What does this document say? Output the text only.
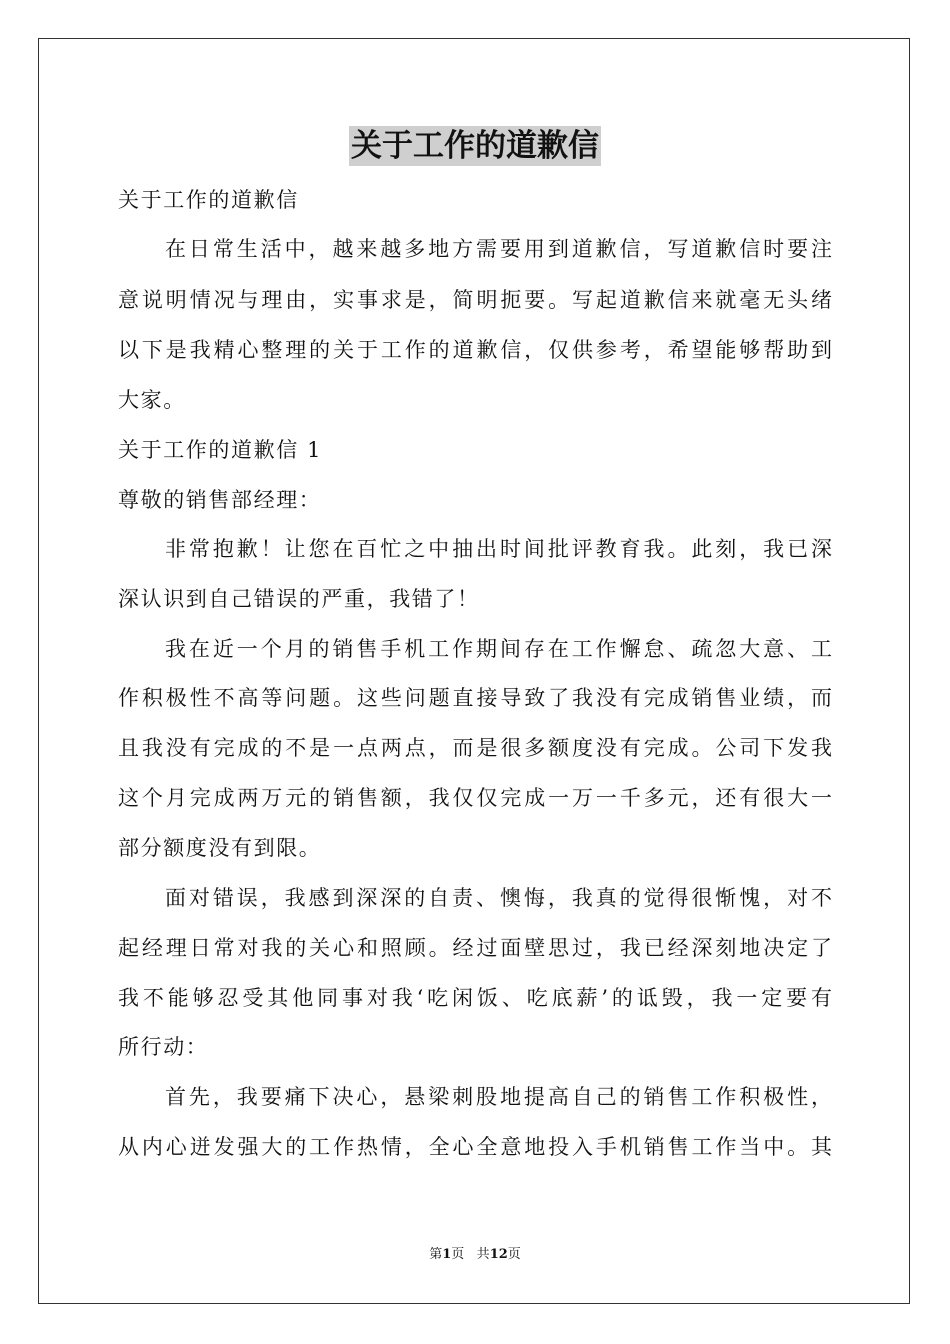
关于工作的道歉信
关于工作的道歉信
在日常生活中，越来越多地方需要用到道歉信，写道歉信时要注
意说明情况与理由，实事求是，简明扼要。写起道歉信来就毫无头绪
以下是我精心整理的关于工作的道歉信，仅供参考，希望能够帮助到
大家。
关于工作的道歉信 1
尊敬的销售部经理：
非常抱歉！让您在百忙之中抽出时间批评教育我。此刻，我已深
深认识到自己错误的严重，我错了！
我在近一个月的销售手机工作期间存在工作懈怠、疏忽大意、工
作积极性不高等问题。这些问题直接导致了我没有完成销售业绩，而
且我没有完成的不是一点两点，而是很多额度没有完成。公司下发我
这个月完成两万元的销售额，我仅仅完成一万一千多元，还有很大一
部分额度没有到限。
面对错误，我感到深深的自责、懊悔，我真的觉得很惭愧，对不
起经理日常对我的关心和照顾。经过面壁思过，我已经深刻地决定了
我不能够忍受其他同事对我‘吃闲饭、吃底薪’的诋毁，我一定要有
所行动：
首先，我要痛下决心，悬梁刺股地提高自己的销售工作积极性，
从内心迸发强大的工作热情，全心全意地投入手机销售工作当中。其
第1页 共12页
